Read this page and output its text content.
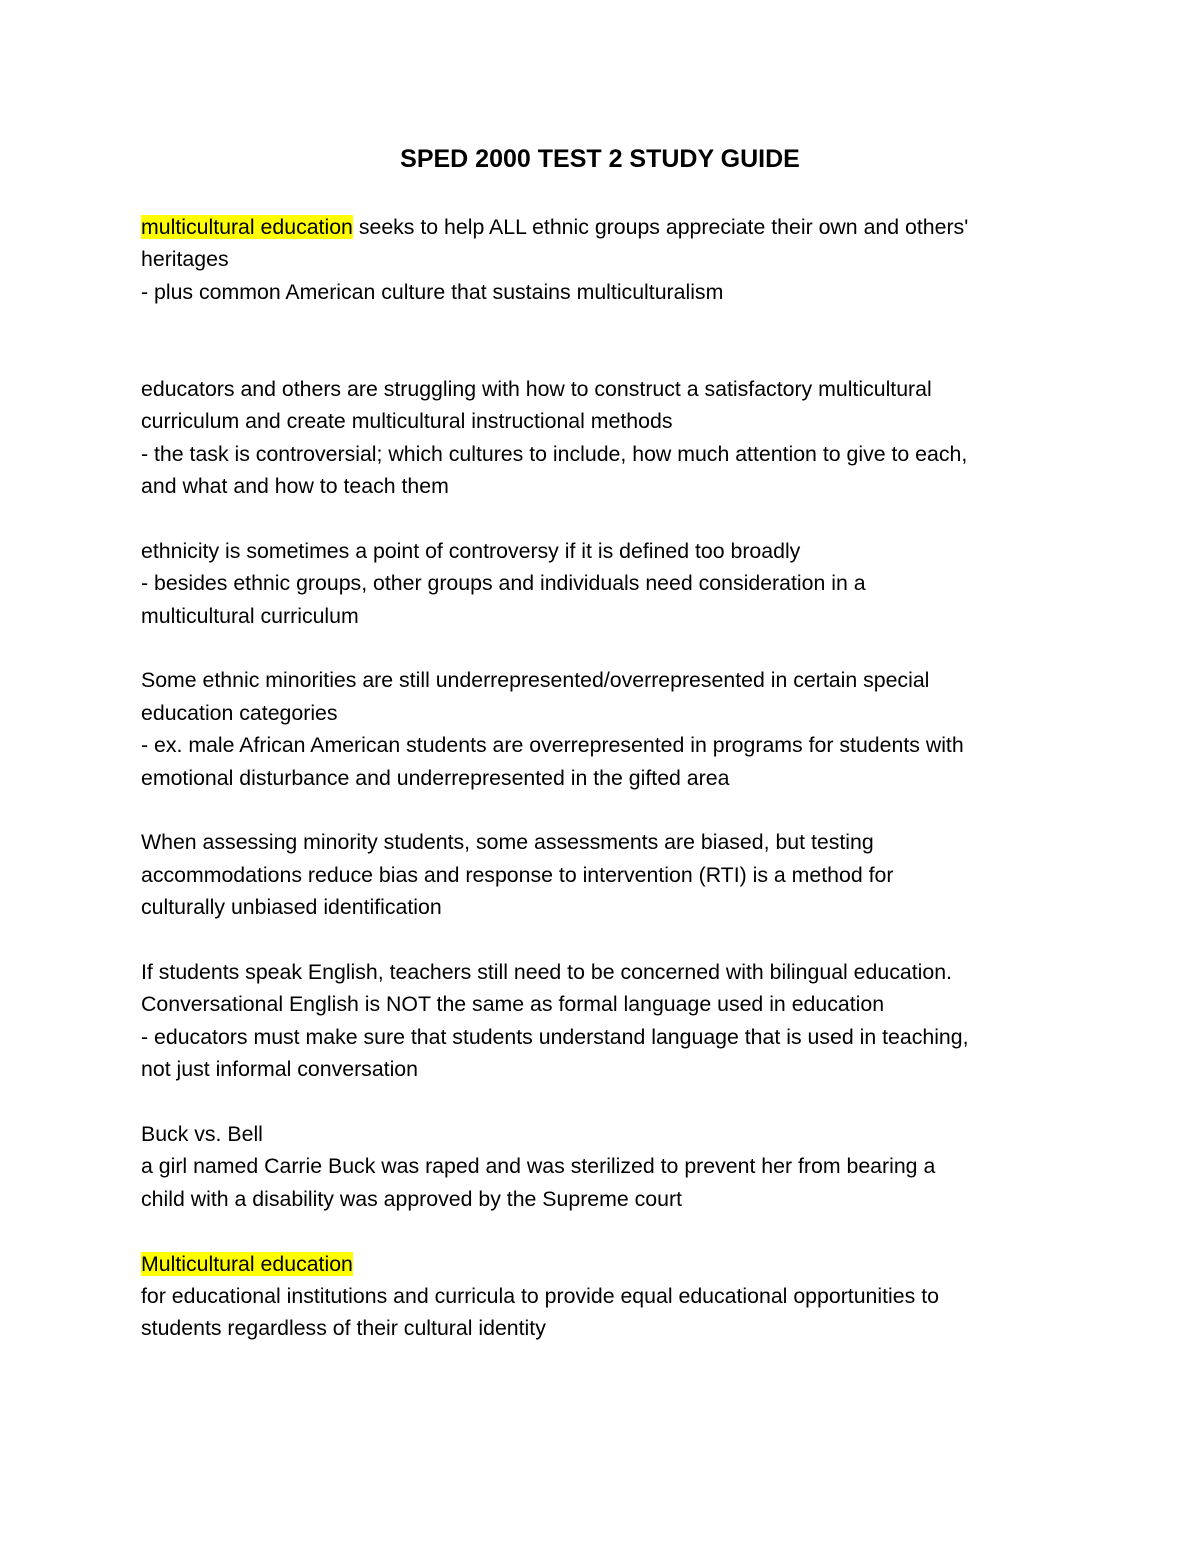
SPED 2000 TEST 2 STUDY GUIDE
multicultural education seeks to help ALL ethnic groups appreciate their own and others'
heritages
- plus common American culture that sustains multiculturalism
educators and others are struggling with how to construct a satisfactory multicultural
curriculum and create multicultural instructional methods
- the task is controversial; which cultures to include, how much attention to give to each,
and what and how to teach them
ethnicity is sometimes a point of controversy if it is defined too broadly
- besides ethnic groups, other groups and individuals need consideration in a
multicultural curriculum
Some ethnic minorities are still underrepresented/overrepresented in certain special
education categories
- ex. male African American students are overrepresented in programs for students with
emotional disturbance and underrepresented in the gifted area
When assessing minority students, some assessments are biased, but testing
accommodations reduce bias and response to intervention (RTI) is a method for
culturally unbiased identification
If students speak English, teachers still need to be concerned with bilingual education.
Conversational English is NOT the same as formal language used in education
- educators must make sure that students understand language that is used in teaching,
not just informal conversation
Buck vs. Bell
a girl named Carrie Buck was raped and was sterilized to prevent her from bearing a
child with a disability was approved by the Supreme court
Multicultural education
for educational institutions and curricula to provide equal educational opportunities to
students regardless of their cultural identity
